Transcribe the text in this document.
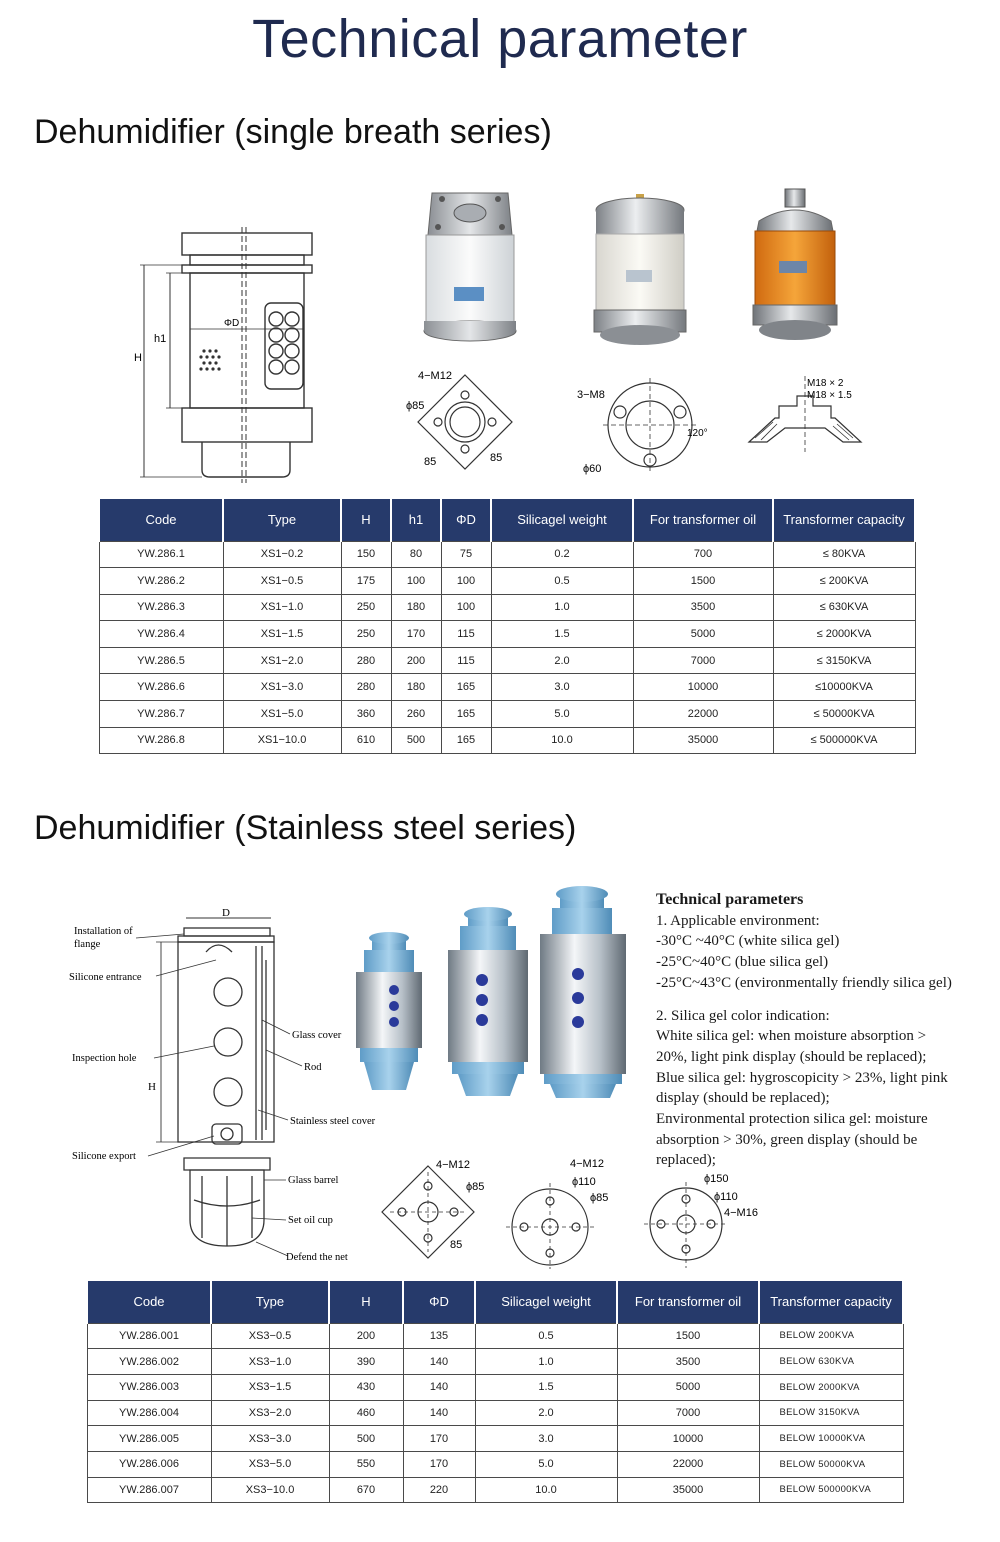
Technical parameter
Dehumidifier (single breath series)
H
h1
ΦD
4−M12
ϕ85
85	85
3−M8
120°
ϕ60
M18 × 2
M18 × 1.5
Code	Type	H	h1	ΦD	Silicagel weight	For transformer oil	Transformer capacity
YW.286.1	XS1−0.2	150	80	75	0.2	700	≤ 80KVA
YW.286.2	XS1−0.5	175	100	100	0.5	1500	≤ 200KVA
YW.286.3	XS1−1.0	250	180	100	1.0	3500	≤ 630KVA
YW.286.4	XS1−1.5	250	170	115	1.5	5000	≤ 2000KVA
YW.286.5	XS1−2.0	280	200	115	2.0	7000	≤ 3150KVA
YW.286.6	XS1−3.0	280	180	165	3.0	10000	≤10000KVA
YW.286.7	XS1−5.0	360	260	165	5.0	22000	≤ 50000KVA
YW.286.8	XS1−10.0	610	500	165	10.0	35000	≤ 500000KVA
Dehumidifier (Stainless steel series)
D
H
Installation of
flange
Silicone entrance
Inspection hole
Silicone export
Glass cover
Rod
Stainless steel cover
Glass barrel
Set oil cup
Defend the net
Technical parameters
1. Applicable environment:
-30°C ~40°C (white silica gel)
-25°C~40°C (blue silica gel)
-25°C~43°C (environmentally friendly silica gel)
2. Silica gel color indication:
White silica gel: when moisture absorption >
20%, light pink display (should be replaced);
Blue silica gel: hygroscopicity > 23%, light pink
display (should be replaced);
Environmental protection silica gel: moisture
absorption > 30%, green display (should be
replaced);
4−M12
ϕ85
85
4−M12
ϕ110
ϕ85
ϕ150
ϕ110
4−M16
Code	Type	H	ΦD	Silicagel weight	For transformer oil	Transformer capacity
YW.286.001	XS3−0.5	200	135	0.5	1500	BELOW 200KVA
YW.286.002	XS3−1.0	390	140	1.0	3500	BELOW 630KVA
YW.286.003	XS3−1.5	430	140	1.5	5000	BELOW 2000KVA
YW.286.004	XS3−2.0	460	140	2.0	7000	BELOW 3150KVA
YW.286.005	XS3−3.0	500	170	3.0	10000	BELOW 10000KVA
YW.286.006	XS3−5.0	550	170	5.0	22000	BELOW 50000KVA
YW.286.007	XS3−10.0	670	220	10.0	35000	BELOW 500000KVA
